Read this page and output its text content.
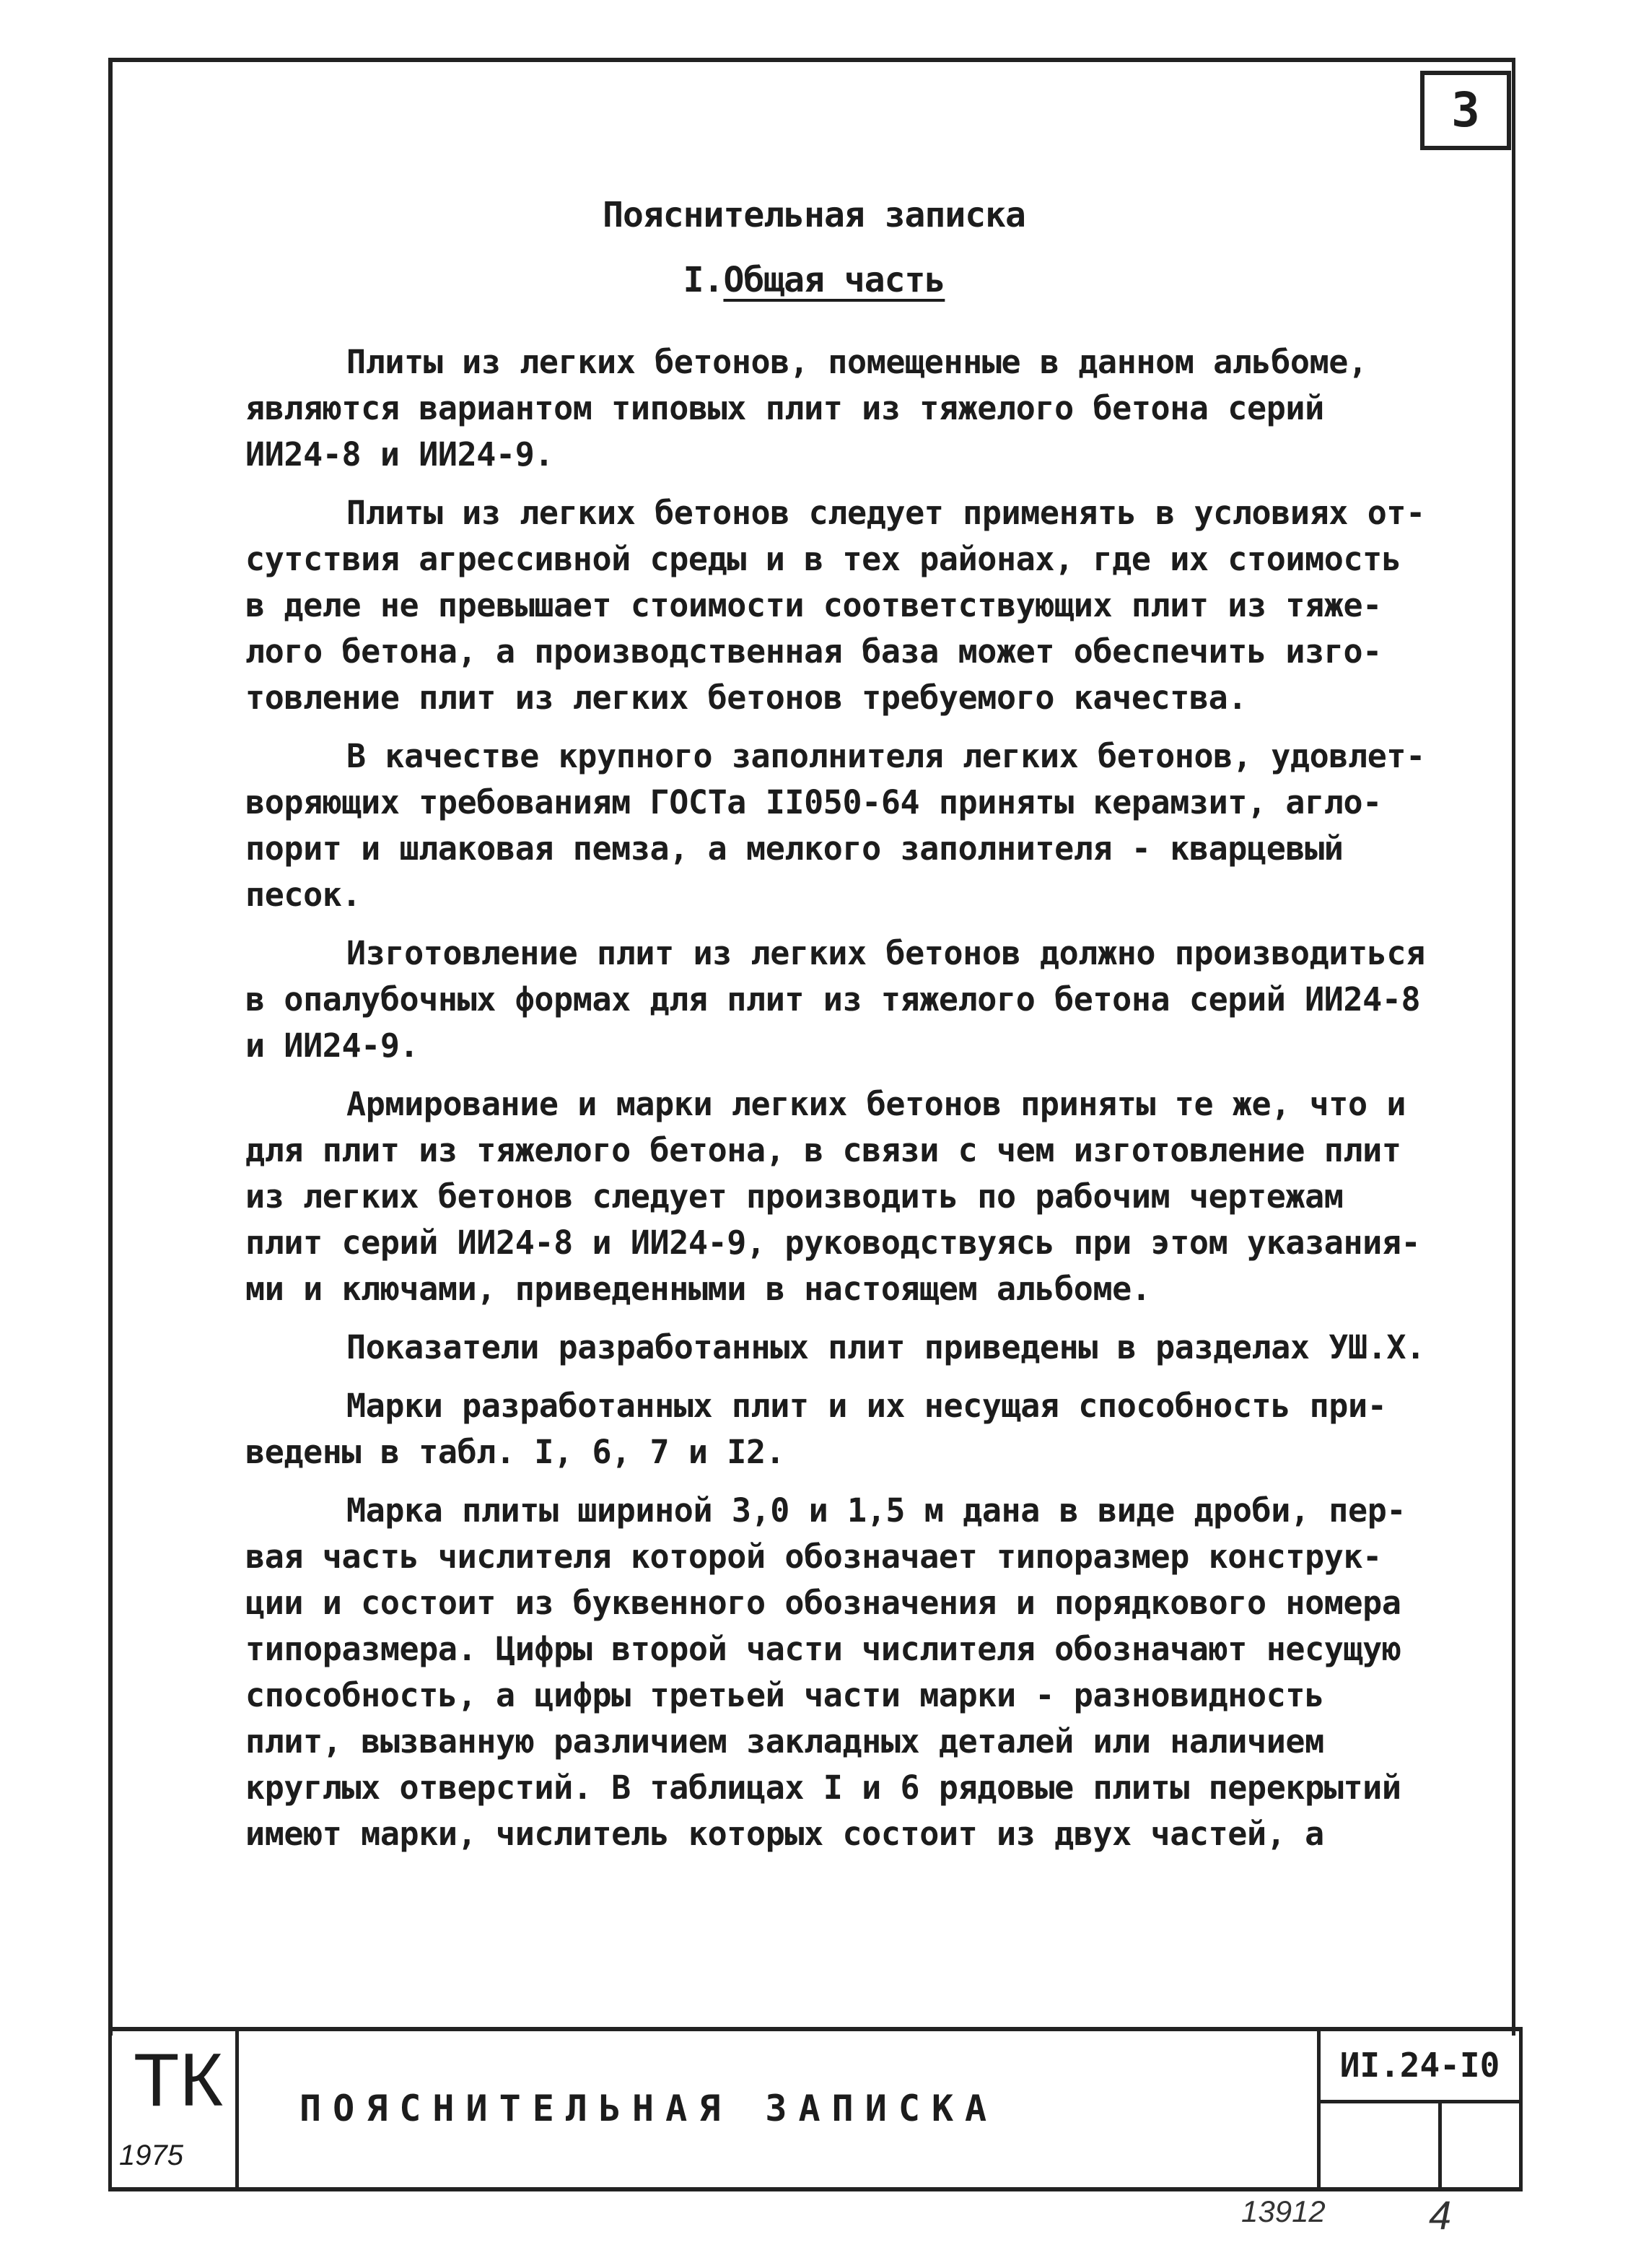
3
Пояснительная записка
I.Общая часть
Плиты из легких бетонов, помещенные в данном альбоме,
являются вариантом типовых плит из тяжелого бетона серий
ИИ24-8 и ИИ24-9.
Плиты из легких бетонов следует применять в условиях от-
сутствия агрессивной среды и в тех районах, где их стоимость
в деле не превышает стоимости соответствующих плит из тяже-
лого бетона, а производственная база может обеспечить изго-
товление плит из легких бетонов требуемого качества.
В качестве крупного заполнителя легких бетонов, удовлет-
воряющих требованиям ГОСТа II050-64 приняты керамзит, агло-
порит и шлаковая пемза, а мелкого заполнителя - кварцевый
песок.
Изготовление плит из легких бетонов должно производиться
в опалубочных формах для плит из тяжелого бетона серий ИИ24-8
и ИИ24-9.
Армирование и марки легких бетонов приняты те же, что и
для плит из тяжелого бетона, в связи с чем изготовление плит
из легких бетонов следует производить по рабочим чертежам
плит серий ИИ24-8 и ИИ24-9, руководствуясь при этом указания-
ми и ключами, приведенными в настоящем альбоме.
Показатели разработанных плит приведены в разделах УШ.Х.
Марки разработанных плит и их несущая способность при-
ведены в табл. I, 6, 7 и I2.
Марка плиты шириной 3,0 и 1,5 м дана в виде дроби, пер-
вая часть числителя которой обозначает типоразмер конструк-
ции и состоит из буквенного обозначения и порядкового номера
типоразмера. Цифры второй части числителя обозначают несущую
способность, а цифры третьей части марки - разновидность
плит, вызванную различием закладных деталей или наличием
круглых отверстий. В таблицах I и 6 рядовые плиты перекрытий
имеют марки, числитель которых состоит из двух частей, а
ТК
1975
ПОЯСНИТЕЛЬНАЯ ЗАПИСКА
ИI.24-I0
13912	4
